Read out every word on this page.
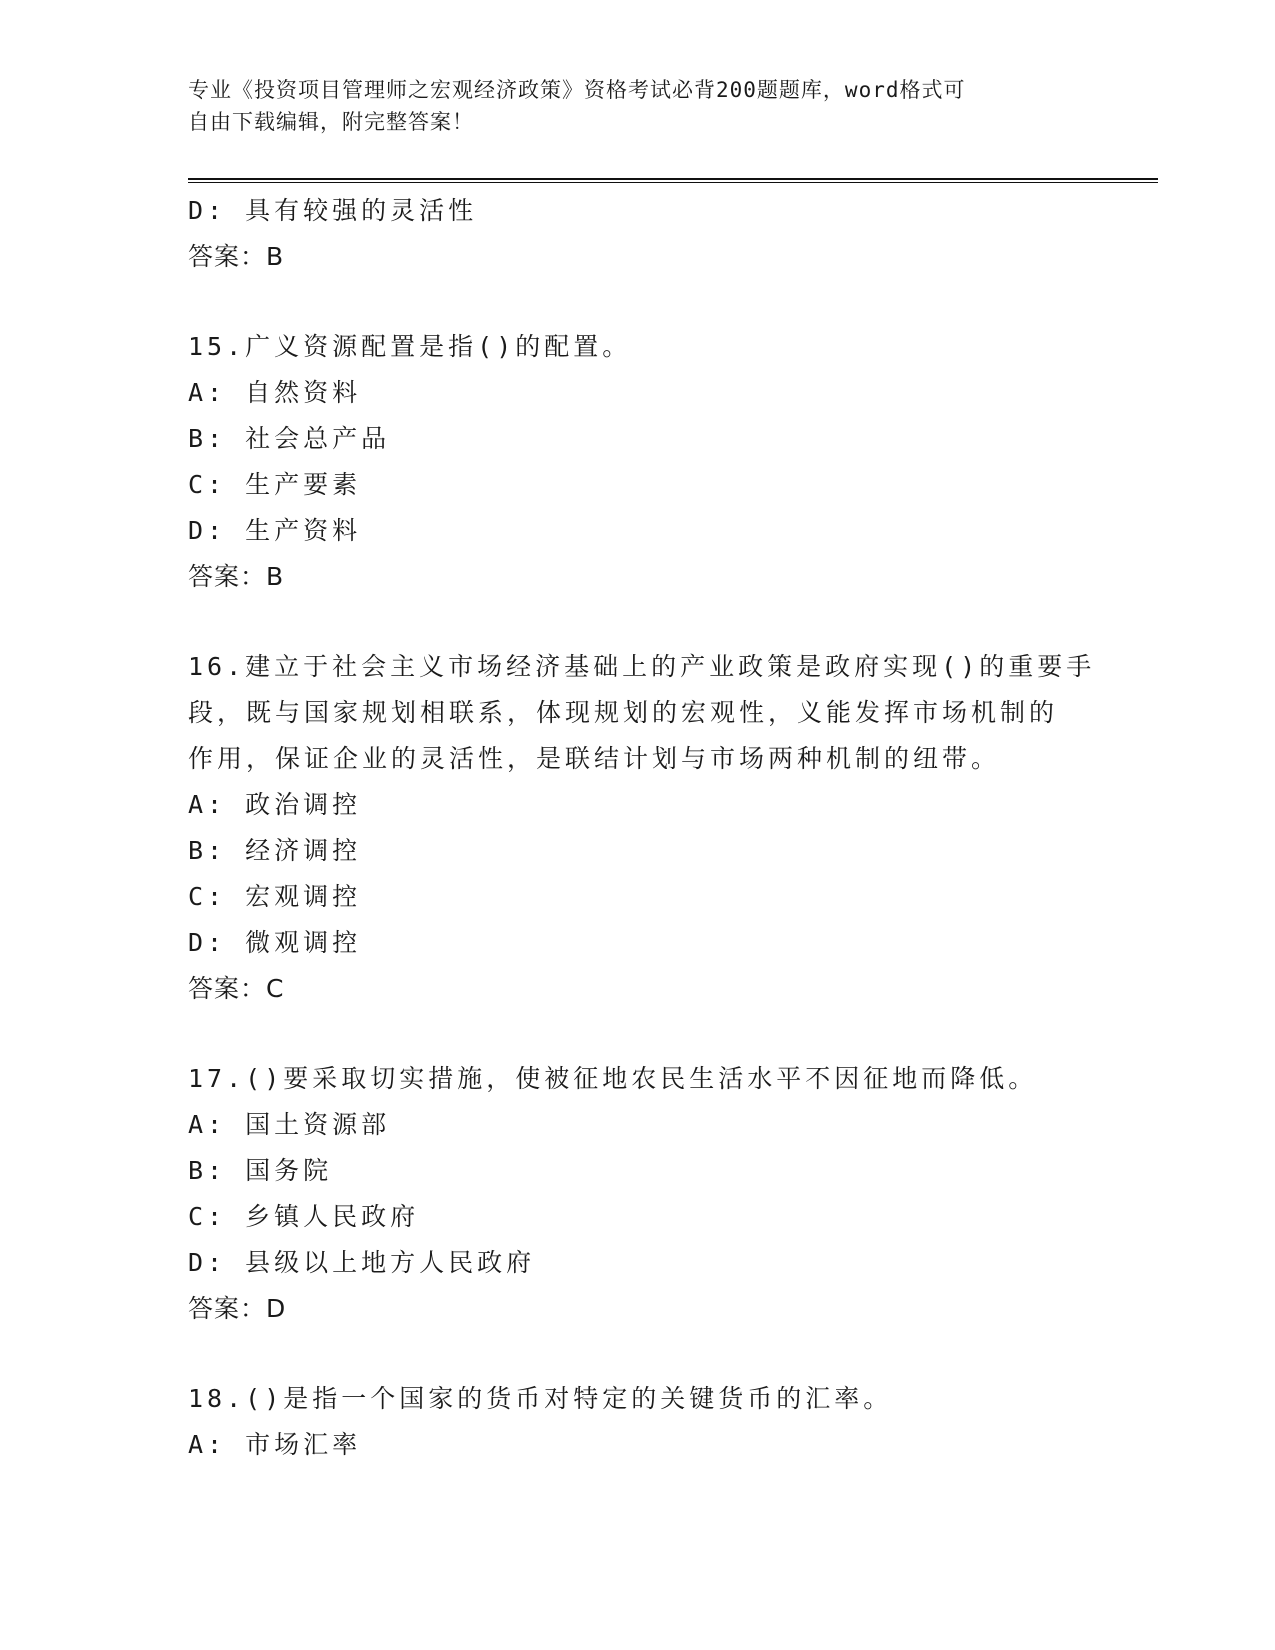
专业《投资项目管理师之宏观经济政策》资格考试必背200题题库，word格式可

自由下载编辑，附完整答案！

D: 具有较强的灵活性
答案：B
15.广义资源配置是指()的配置。
A: 自然资料
B: 社会总产品
C: 生产要素
D: 生产资料
答案：B
16.建立于社会主义市场经济基础上的产业政策是政府实现()的重要手
段，既与国家规划相联系，体现规划的宏观性，义能发挥市场机制的
作用，保证企业的灵活性，是联结计划与市场两种机制的纽带。
A: 政治调控
B: 经济调控
C: 宏观调控
D: 微观调控
答案：C
17.()要采取切实措施，使被征地农民生活水平不因征地而降低。
A: 国土资源部
B: 国务院
C: 乡镇人民政府
D: 县级以上地方人民政府
答案：D
18.()是指一个国家的货币对特定的关键货币的汇率。
A: 市场汇率
